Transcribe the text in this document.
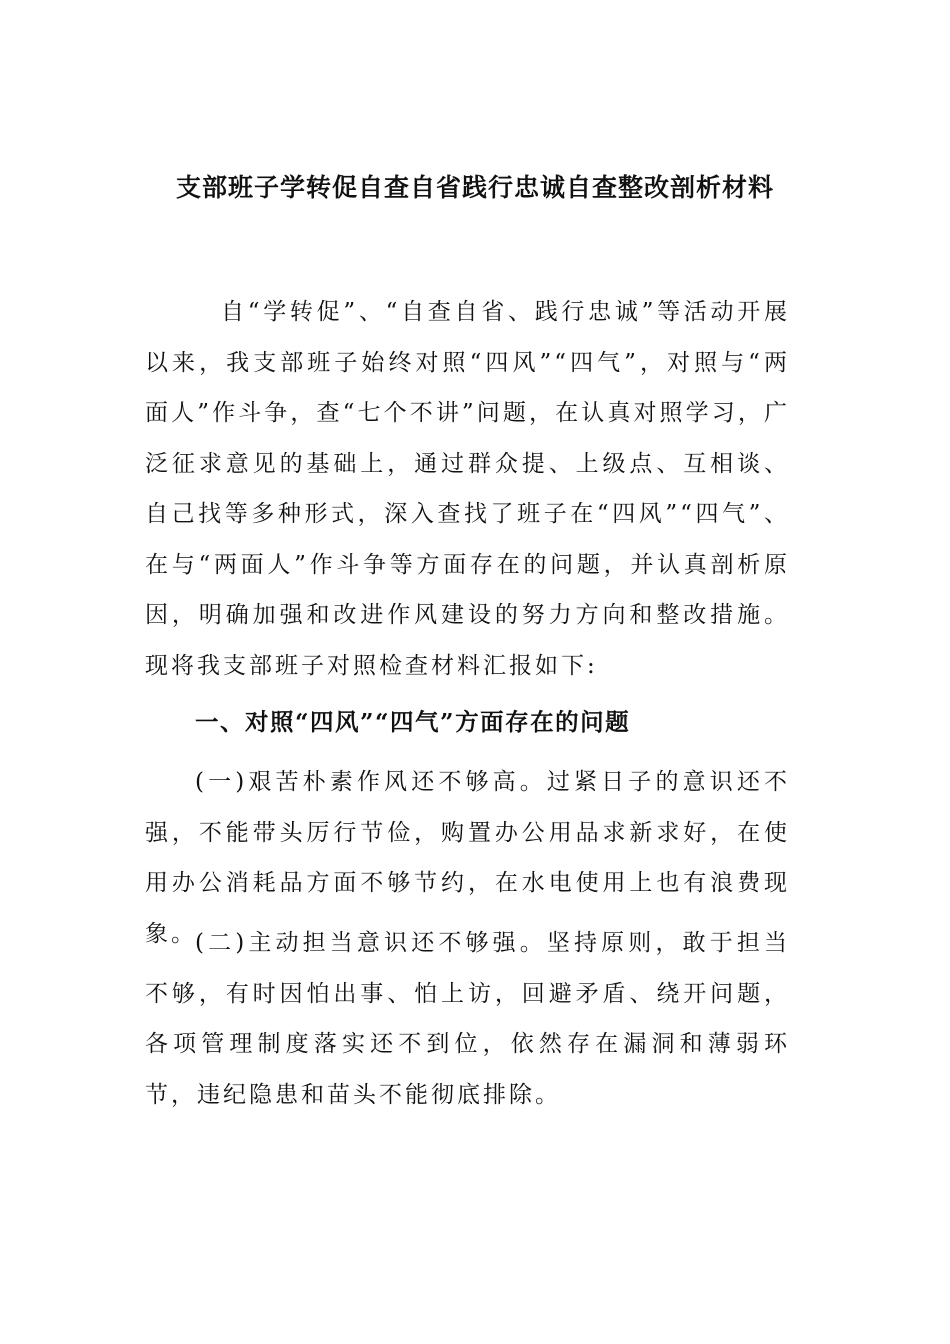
支部班子学转促自查自省践行忠诚自查整改剖析材料

自“学转促”、“自查自省、践行忠诚”等活动开展以来，我支部班子始终对照“四风”“四气”，对照与“两面人”作斗争，查“七个不讲”问题，在认真对照学习，广泛征求意见的基础上，通过群众提、上级点、互相谈、自己找等多种形式，深入查找了班子在“四风”“四气”、在与“两面人”作斗争等方面存在的问题，并认真剖析原因，明确加强和改进作风建设的努力方向和整改措施。现将我支部班子对照检查材料汇报如下:

一、对照“四风”“四气”方面存在的问题

(一)艰苦朴素作风还不够高。过紧日子的意识还不强，不能带头厉行节俭，购置办公用品求新求好，在使用办公消耗品方面不够节约，在水电使用上也有浪费现象。

(二)主动担当意识还不够强。坚持原则，敢于担当不够，有时因怕出事、怕上访，回避矛盾、绕开问题，各项管理制度落实还不到位，依然存在漏洞和薄弱环节，违纪隐患和苗头不能彻底排除。
